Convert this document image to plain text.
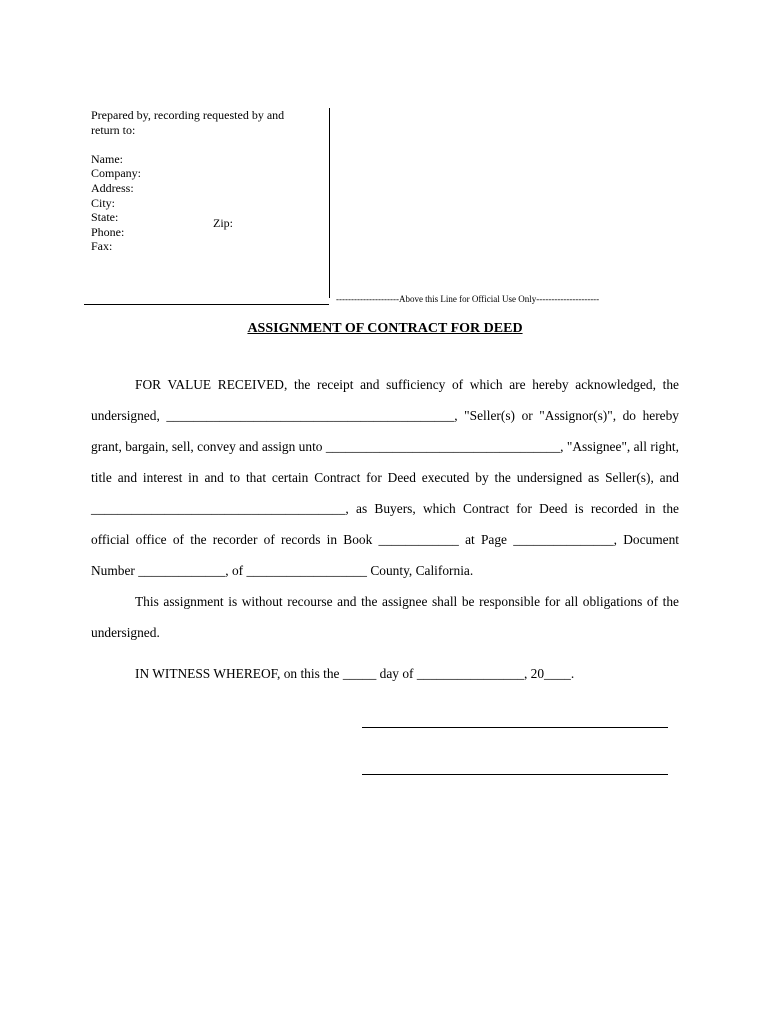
Prepared by, recording requested by and
return to:
Name:
Company:
Address:
City:
State:
Phone:
Fax:
Zip:
---------------------Above this Line for Official Use Only---------------------
ASSIGNMENT OF CONTRACT FOR DEED

FOR VALUE RECEIVED, the receipt and sufficiency of which are hereby acknowledged, the undersigned, ___________________________________________, "Seller(s) or "Assignor(s)", do hereby grant, bargain, sell, convey and assign unto ___________________________________, "Assignee", all right, title and interest in and to that certain Contract for Deed executed by the undersigned as Seller(s), and ______________________________________, as Buyers, which Contract for Deed is recorded in the official office of the recorder of records in Book ____________ at Page _______________, Document Number _____________, of __________________ County, California.

This assignment is without recourse and the assignee shall be responsible for all obligations of the undersigned.

IN WITNESS WHEREOF, on this the _____ day of ________________, 20____.
